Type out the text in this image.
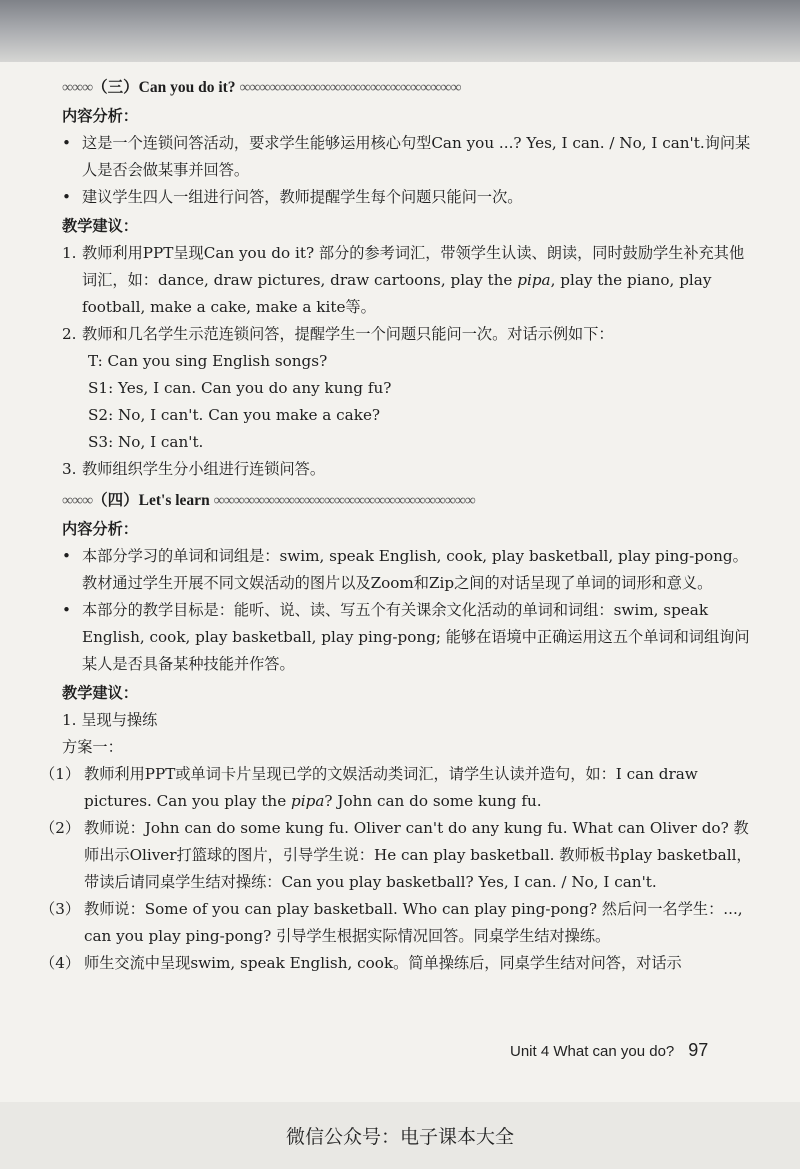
∞∞∞（三）Can you do it? ∞∞∞∞∞∞∞∞∞∞∞∞∞∞∞∞∞∞∞∞∞∞
内容分析：
• 这是一个连锁问答活动，要求学生能够运用核心句型Can you ...? Yes, I can. / No, I can't.询问某人是否会做某事并回答。
• 建议学生四人一组进行问答，教师提醒学生每个问题只能问一次。
教学建议：
1. 教师利用PPT呈现Can you do it? 部分的参考词汇，带领学生认读、朗读，同时鼓励学生补充其他词汇，如：dance, draw pictures, draw cartoons, play the pipa, play the piano, play football, make a cake, make a kite等。
2. 教师和几名学生示范连锁问答，提醒学生一个问题只能问一次。对话示例如下：
T: Can you sing English songs?
S1: Yes, I can. Can you do any kung fu?
S2: No, I can't. Can you make a cake?
S3: No, I can't.
3. 教师组织学生分小组进行连锁问答。
∞∞∞（四）Let's learn ∞∞∞∞∞∞∞∞∞∞∞∞∞∞∞∞∞∞∞∞∞∞∞∞∞∞
内容分析：
• 本部分学习的单词和词组是：swim, speak English, cook, play basketball, play ping-pong。教材通过学生开展不同文娱活动的图片以及Zoom和Zip之间的对话呈现了单词的词形和意义。
• 本部分的教学目标是：能听、说、读、写五个有关课余文化活动的单词和词组：swim, speak English, cook, play basketball, play ping-pong; 能够在语境中正确运用这五个单词和词组询问某人是否具备某种技能并作答。
教学建议：
1. 呈现与操练
方案一：
（1） 教师利用PPT或单词卡片呈现已学的文娱活动类词汇，请学生认读并造句，如：I can draw pictures. Can you play the pipa? John can do some kung fu.
（2） 教师说：John can do some kung fu. Oliver can't do any kung fu. What can Oliver do? 教师出示Oliver打篮球的图片，引导学生说：He can play basketball. 教师板书play basketball，带读后请同桌学生结对操练：Can you play basketball? Yes, I can. / No, I can't.
（3） 教师说：Some of you can play basketball. Who can play ping-pong? 然后问一名学生：..., can you play ping-pong? 引导学生根据实际情况回答。同桌学生结对操练。
（4） 师生交流中呈现swim, speak English, cook。简单操练后，同桌学生结对问答，对话示
Unit 4 What can you do? 97
微信公众号：电子课本大全
